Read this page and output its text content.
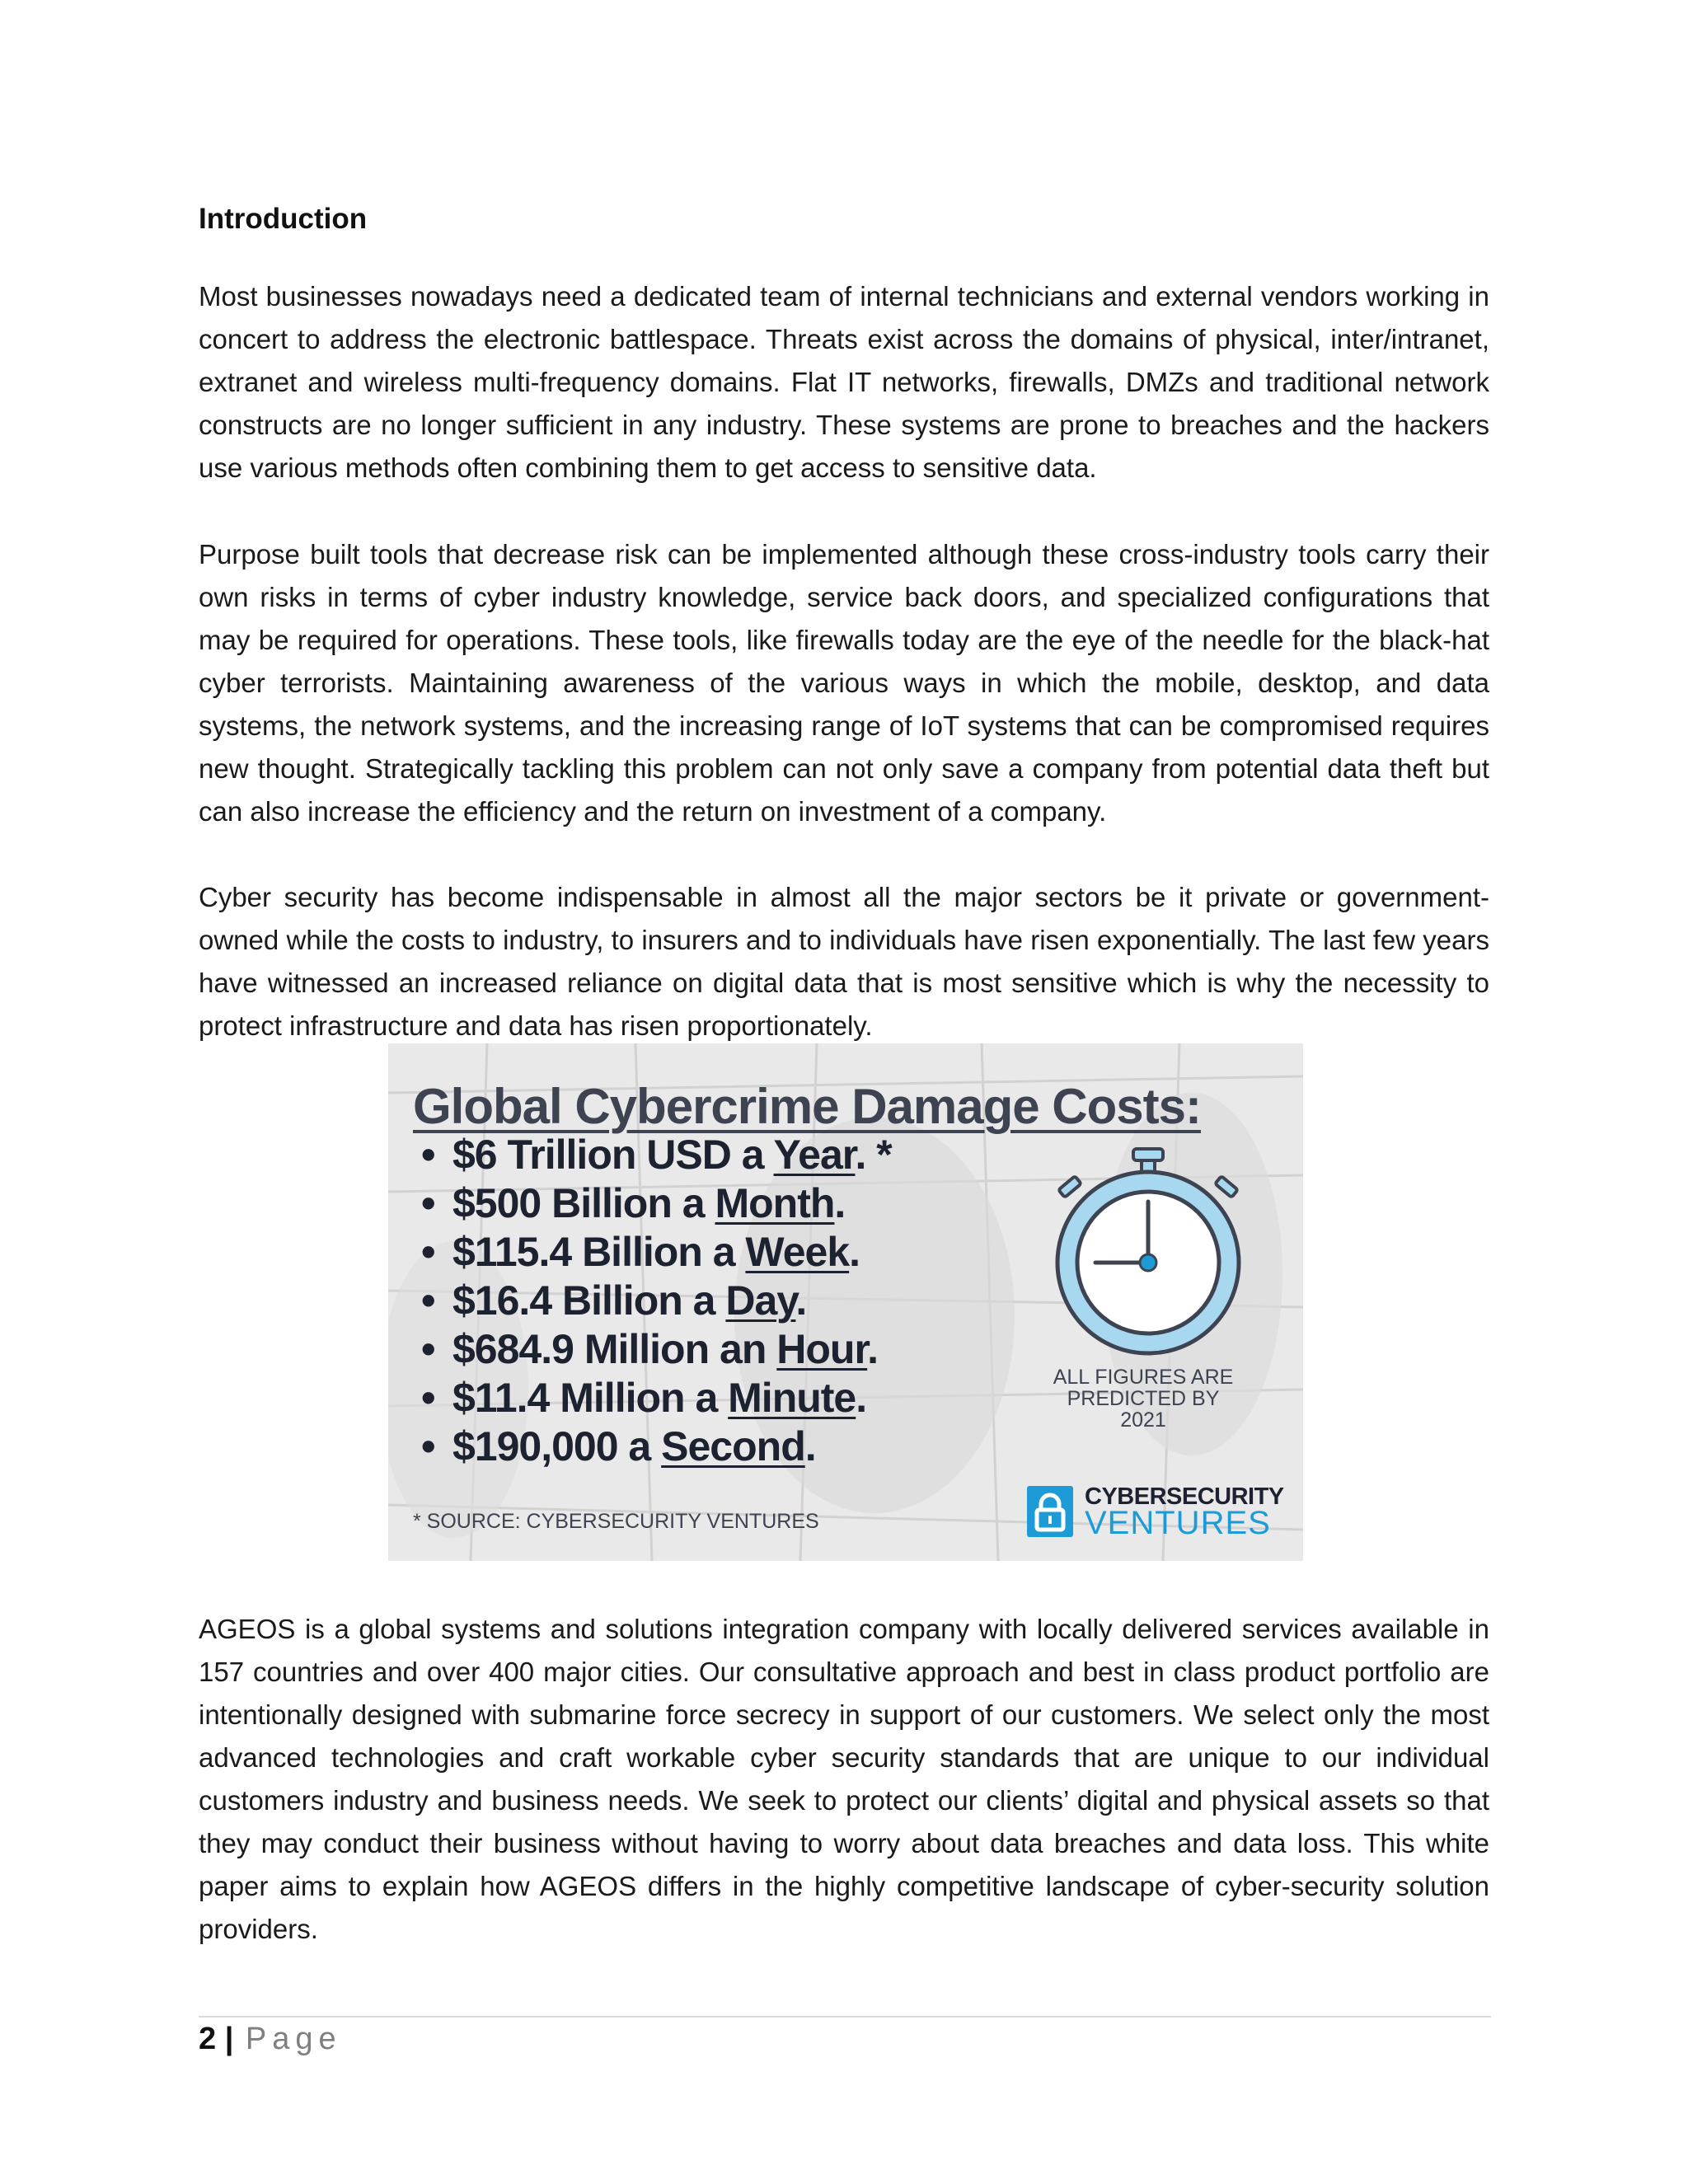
Introduction

Most businesses nowadays need a dedicated team of internal technicians and external vendors working in concert to address the electronic battlespace. Threats exist across the domains of physical, inter/intranet, extranet and wireless multi-frequency domains. Flat IT networks, firewalls, DMZs and traditional network constructs are no longer sufficient in any industry. These systems are prone to breaches and the hackers use various methods often combining them to get access to sensitive data.

Purpose built tools that decrease risk can be implemented although these cross-industry tools carry their own risks in terms of cyber industry knowledge, service back doors, and specialized configurations that may be required for operations. These tools, like firewalls today are the eye of the needle for the black-hat cyber terrorists. Maintaining awareness of the various ways in which the mobile, desktop, and data systems, the network systems, and the increasing range of IoT systems that can be compromised requires new thought. Strategically tackling this problem can not only save a company from potential data theft but can also increase the efficiency and the return on investment of a company.

Cyber security has become indispensable in almost all the major sectors be it private or government-owned while the costs to industry, to insurers and to individuals have risen exponentially. The last few years have witnessed an increased reliance on digital data that is most sensitive which is why the necessity to protect infrastructure and data has risen proportionately.

Global Cybercrime Damage Costs:
• $6 Trillion USD a Year. *
• $500 Billion a Month.
• $115.4 Billion a Week.
• $16.4 Billion a Day.
• $684.9 Million an Hour.
• $11.4 Million a Minute.
• $190,000 a Second.
ALL FIGURES ARE
PREDICTED BY 2021
* SOURCE: CYBERSECURITY VENTURES
CYBERSECURITY
VENTURES

AGEOS is a global systems and solutions integration company with locally delivered services available in 157 countries and over 400 major cities. Our consultative approach and best in class product portfolio are intentionally designed with submarine force secrecy in support of our customers. We select only the most advanced technologies and craft workable cyber security standards that are unique to our individual customers industry and business needs. We seek to protect our clients’ digital and physical assets so that they may conduct their business without having to worry about data breaches and data loss. This white paper aims to explain how AGEOS differs in the highly competitive landscape of cyber-security solution providers.

2 | Page
